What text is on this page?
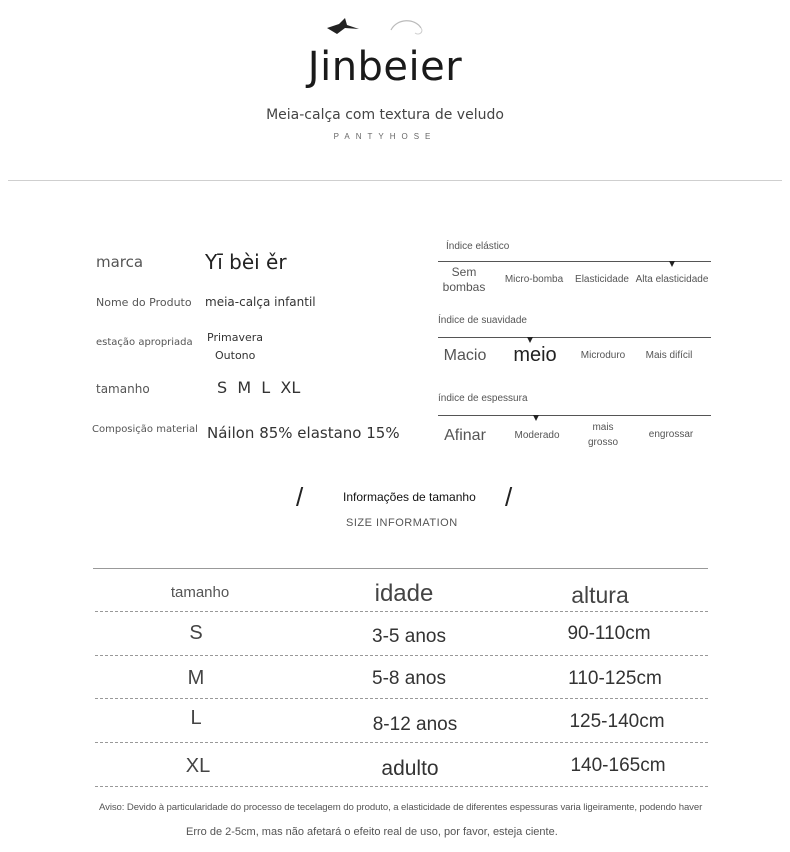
Jinbeier
Meia-calça com textura de veludo
PANTYHOSE
marca	Yī bèi ěr
Nome do Produto meia-calça infantil
estação apropriada Primavera
Outono
tamanho	S  M  L  XL
Composição material Náilon 85% elastano 15%
Índice elástico
Sem
bombas
Micro-bomba	Elasticidade Alta elasticidade
Índice de suavidade
Macio	meio	Microduro	Mais difícil
índice de espessura
Afinar	Moderado
mais
grosso
engrossar
/	/
Informações de tamanho
SIZE INFORMATION
tamanho	idade	altura
S	3-5 anos	90-110cm
M	5-8 anos	110-125cm
L	8-12 anos	125-140cm
XL	adulto	140-165cm
Aviso: Devido à particularidade do processo de tecelagem do produto, a elasticidade de diferentes espessuras varia ligeiramente, podendo haver
Erro de 2-5cm, mas não afetará o efeito real de uso, por favor, esteja ciente.
